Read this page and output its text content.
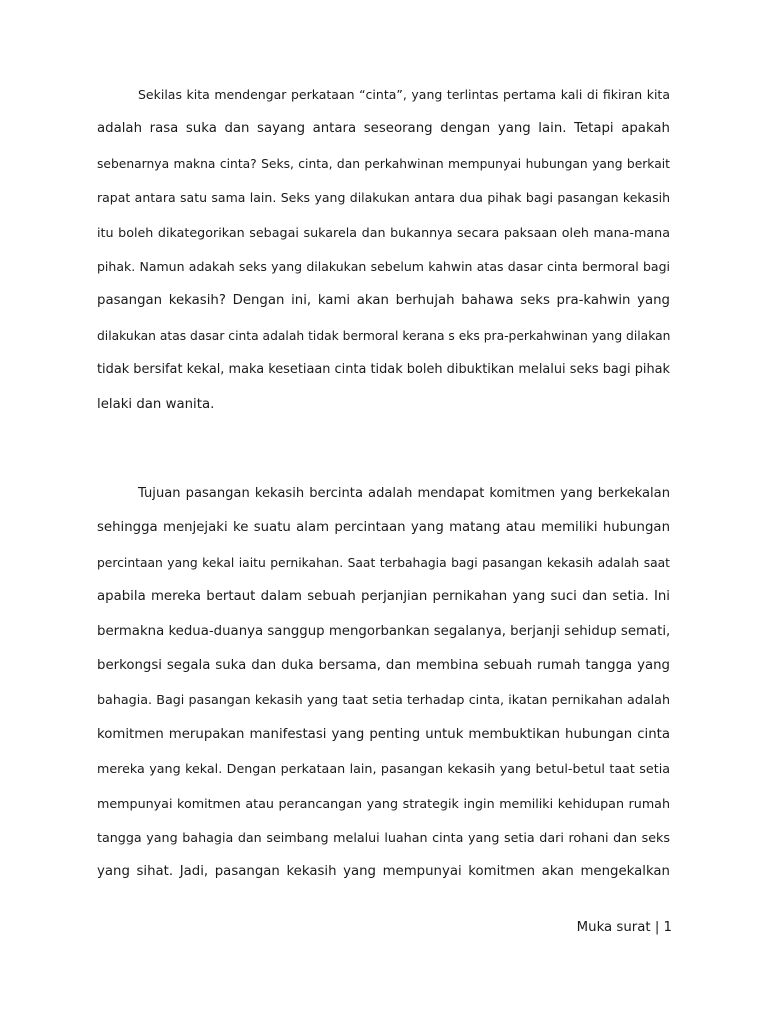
Sekilas kita mendengar perkataan “cinta”, yang terlintas pertama kali di fikiran kita
adalah rasa suka dan sayang antara seseorang dengan yang lain. Tetapi apakah
sebenarnya makna cinta? Seks, cinta, dan perkahwinan mempunyai hubungan yang berkait
rapat antara satu sama lain. Seks yang dilakukan antara dua pihak bagi pasangan kekasih
itu boleh dikategorikan sebagai sukarela dan bukannya secara paksaan oleh mana-mana
pihak. Namun adakah seks yang dilakukan sebelum kahwin atas dasar cinta bermoral bagi
pasangan kekasih? Dengan ini, kami akan berhujah bahawa seks pra-kahwin yang
dilakukan atas dasar cinta adalah tidak bermoral kerana s eks pra-perkahwinan yang dilakan
tidak bersifat kekal, maka kesetiaan cinta tidak boleh dibuktikan melalui seks bagi pihak
lelaki dan wanita.
Tujuan pasangan kekasih bercinta adalah mendapat komitmen yang berkekalan
sehingga menjejaki ke suatu alam percintaan yang matang atau memiliki hubungan
percintaan yang kekal iaitu pernikahan. Saat terbahagia bagi pasangan kekasih adalah saat
apabila mereka bertaut dalam sebuah perjanjian pernikahan yang suci dan setia. Ini
bermakna kedua-duanya sanggup mengorbankan segalanya, berjanji sehidup semati,
berkongsi segala suka dan duka bersama, dan membina sebuah rumah tangga yang
bahagia. Bagi pasangan kekasih yang taat setia terhadap cinta, ikatan pernikahan adalah
komitmen merupakan manifestasi yang penting untuk membuktikan hubungan cinta
mereka yang kekal. Dengan perkataan lain, pasangan kekasih yang betul-betul taat setia
mempunyai komitmen atau perancangan yang strategik ingin memiliki kehidupan rumah
tangga yang bahagia dan seimbang melalui luahan cinta yang setia dari rohani dan seks
yang sihat. Jadi, pasangan kekasih yang mempunyai komitmen akan mengekalkan
Muka surat | 1
